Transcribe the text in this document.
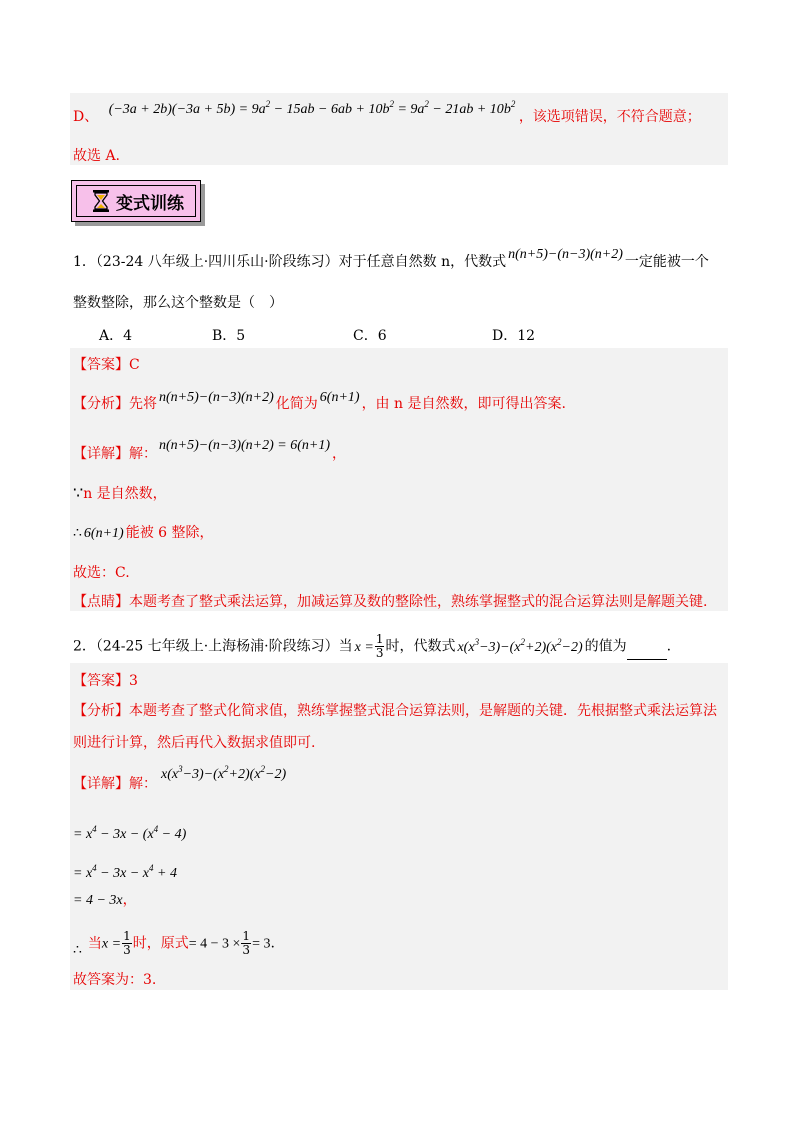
D、 $(-3a + 2b)(-3a + 5b) = 9a^2 - 15ab - 6ab + 10b^2 = 9a^2 - 21ab + 10b^2$ ，该选项错误，不符合题意；
故选 A.
变式训练
1．（23-24 八年级上·四川乐山·阶段练习）对于任意自然数 n，代数式 n(n+5)−(n−3)(n+2) 一定能被一个
整数整除，那么这个整数是（　）
A．4	B．5	C．6	D．12
【答案】C
【分析】先将 n(n+5)−(n−3)(n+2) 化简为 6(n+1) ，由 n 是自然数，即可得出答案.
【详解】解：n(n+5)−(n−3)(n+2) = 6(n+1)，
∵n 是自然数，
∴ 6(n+1) 能被 6 整除，
故选：C.
【点睛】本题考查了整式乘法运算，加减运算及数的整除性，熟练掌握整式的混合运算法则是解题关键.
2．（24-25 七年级上·上海杨浦·阶段练习）当 $x = \frac{1}{3}$ 时，代数式 $x(x^3-3)-(x^2+2)(x^2-2)$ 的值为	.
【答案】3
【分析】本题考查了整式化简求值，熟练掌握整式混合运算法则，是解题的关键．先根据整式乘法运算法
则进行计算，然后再代入数据求值即可.
【详解】解：$x(x^3-3)-(x^2+2)(x^2-2)$
= $x^4 - 3x - (x^4 - 4)$
= $x^4 - 3x - x^4 + 4$
= 4 − 3x，
∴ 当$x = \frac{1}{3}$ 时，原式= $4 - 3 \times \frac{1}{3} = 3$.
故答案为：3.
